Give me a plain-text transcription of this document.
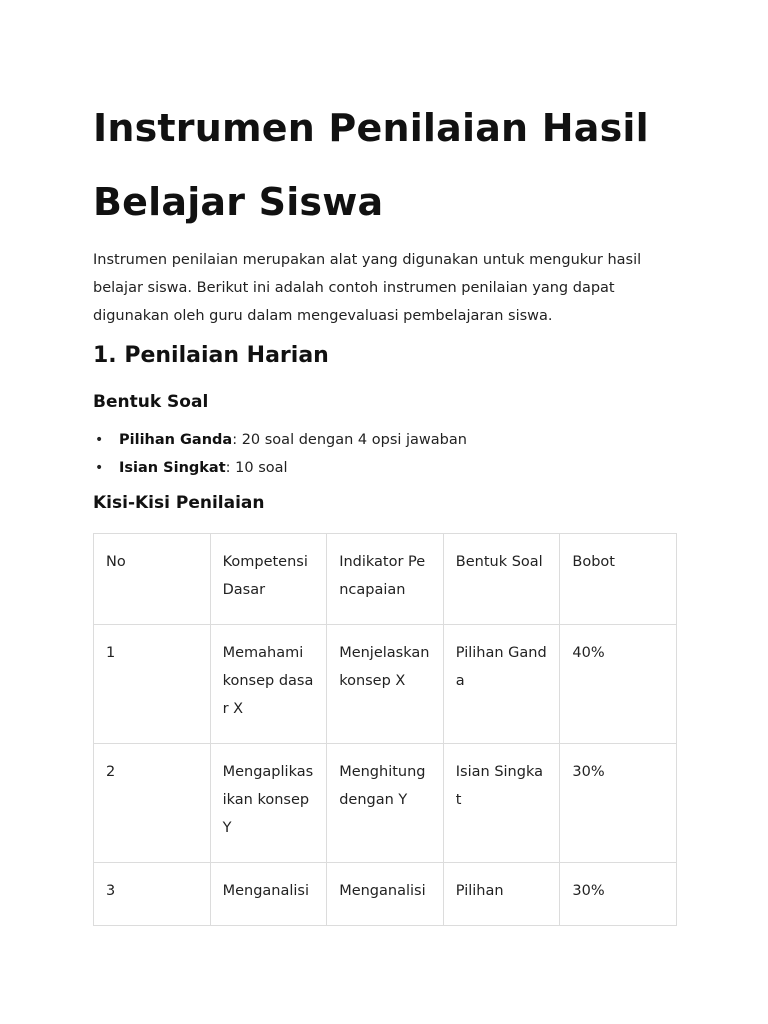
Instrumen Penilaian Hasil Belajar Siswa

Instrumen penilaian merupakan alat yang digunakan untuk mengukur hasil belajar siswa. Berikut ini adalah contoh instrumen penilaian yang dapat digunakan oleh guru dalam mengevaluasi pembelajaran siswa.

1. Penilaian Harian
Bentuk Soal
• Pilihan Ganda: 20 soal dengan 4 opsi jawaban
• Isian Singkat: 10 soal
Kisi-Kisi Penilaian
No	Kompetensi Dasar	Indikator Pencapaian	Bentuk Soal	Bobot
1	Memahami konsep dasar X	Menjelaskan konsep X	Pilihan Ganda	40%
2	Mengaplikasikan konsep Y	Menghitung dengan Y	Isian Singkat	30%
3	Menganalisi	Menganalisi	Pilihan	30%
